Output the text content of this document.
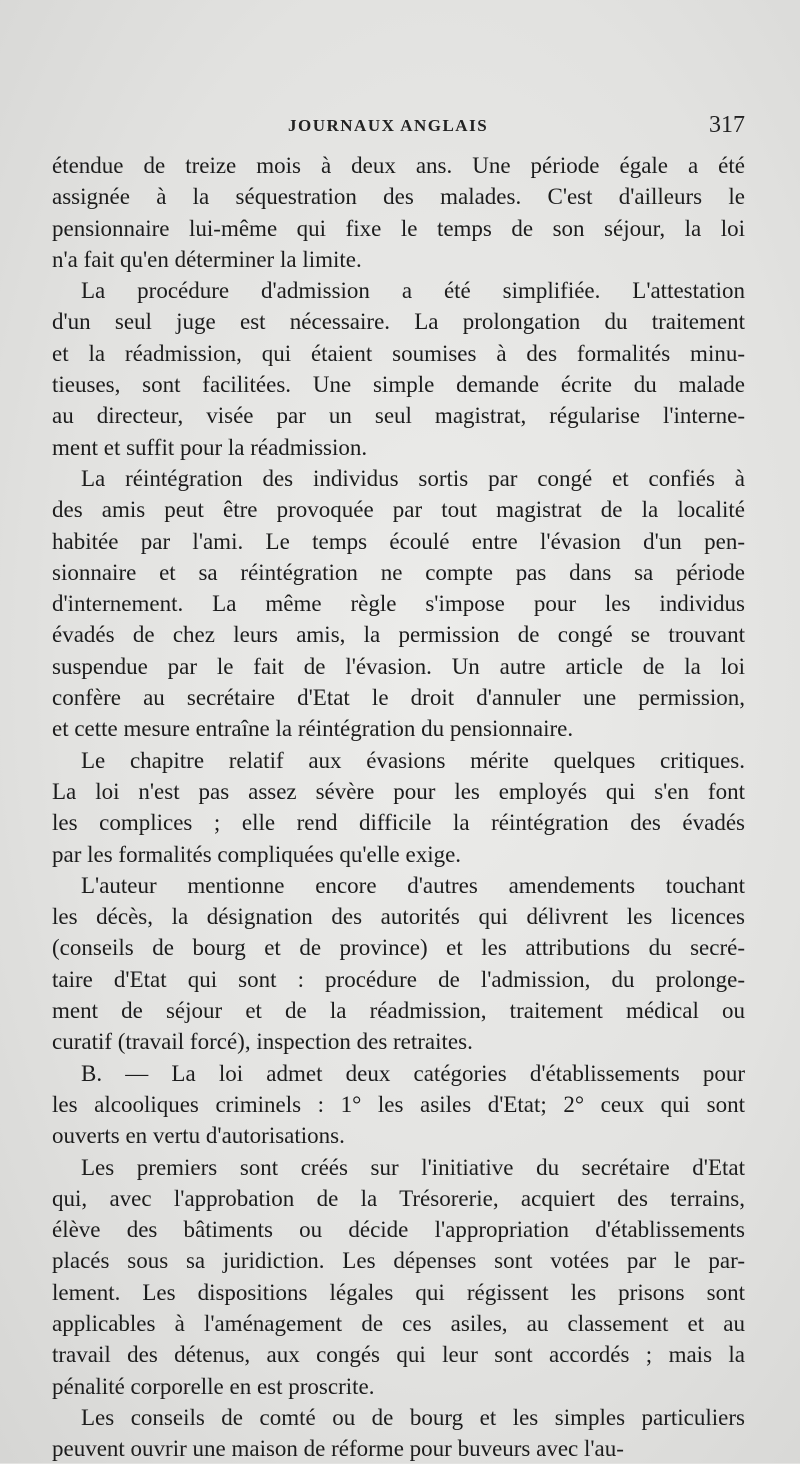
JOURNAUX ANGLAIS	317

étendue de treize mois à deux ans. Une période égale a été

assignée à la séquestration des malades. C'est d'ailleurs le

pensionnaire lui-même qui fixe le temps de son séjour, la loi

n'a fait qu'en déterminer la limite.

La procédure d'admission a été simplifiée. L'attestation

d'un seul juge est nécessaire. La prolongation du traitement

et la réadmission, qui étaient soumises à des formalités minu-

tieuses, sont facilitées. Une simple demande écrite du malade

au directeur, visée par un seul magistrat, régularise l'interne-

ment et suffit pour la réadmission.

La réintégration des individus sortis par congé et confiés à

des amis peut être provoquée par tout magistrat de la localité

habitée par l'ami. Le temps écoulé entre l'évasion d'un pen-

sionnaire et sa réintégration ne compte pas dans sa période

d'internement. La même règle s'impose pour les individus

évadés de chez leurs amis, la permission de congé se trouvant

suspendue par le fait de l'évasion. Un autre article de la loi

confère au secrétaire d'Etat le droit d'annuler une permission,

et cette mesure entraîne la réintégration du pensionnaire.

Le chapitre relatif aux évasions mérite quelques critiques.

La loi n'est pas assez sévère pour les employés qui s'en font

les complices ; elle rend difficile la réintégration des évadés

par les formalités compliquées qu'elle exige.

L'auteur mentionne encore d'autres amendements touchant

les décès, la désignation des autorités qui délivrent les licences

(conseils de bourg et de province) et les attributions du secré-

taire d'Etat qui sont : procédure de l'admission, du prolonge-

ment de séjour et de la réadmission, traitement médical ou

curatif (travail forcé), inspection des retraites.

B. — La loi admet deux catégories d'établissements pour

les alcooliques criminels : 1° les asiles d'Etat; 2° ceux qui sont

ouverts en vertu d'autorisations.

Les premiers sont créés sur l'initiative du secrétaire d'Etat

qui, avec l'approbation de la Trésorerie, acquiert des terrains,

élève des bâtiments ou décide l'appropriation d'établissements

placés sous sa juridiction. Les dépenses sont votées par le par-

lement. Les dispositions légales qui régissent les prisons sont

applicables à l'aménagement de ces asiles, au classement et au

travail des détenus, aux congés qui leur sont accordés ; mais la

pénalité corporelle en est proscrite.

Les conseils de comté ou de bourg et les simples particuliers

peuvent ouvrir une maison de réforme pour buveurs avec l'au-
